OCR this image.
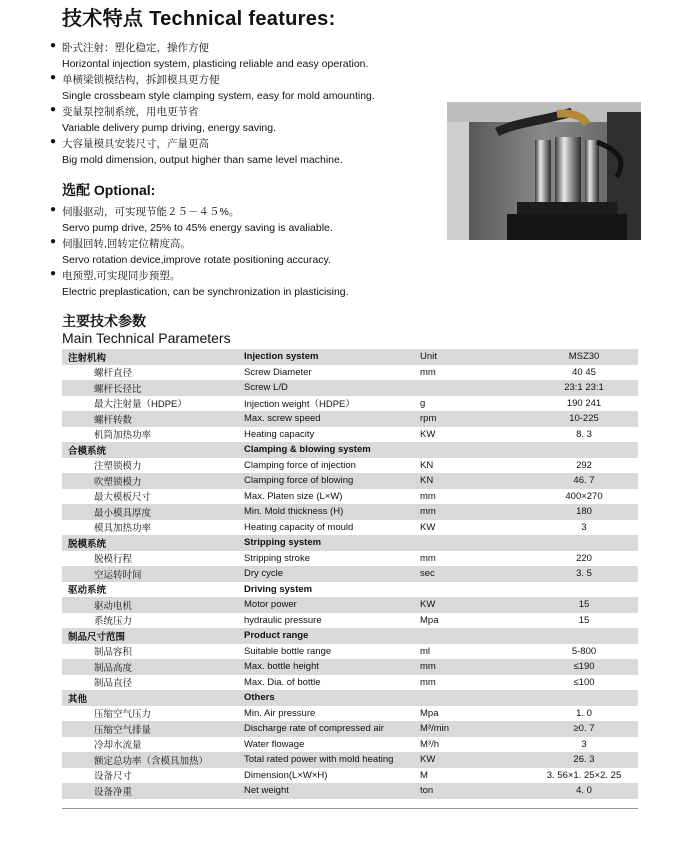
技术特点 Technical features:
● 卧式注射：塑化稳定，操作方便
Horizontal injection system, plasticing reliable and easy operation.
● 单横梁锁模结构，拆卸模具更方便
Single crossbeam style clamping system, easy for mold amounting.
● 变量泵控制系统，用电更节省
Variable delivery pump driving, energy saving.
● 大容量模具安装尺寸，产量更高
Big mold dimension, output higher than same level machine.
选配 Optional:
● 伺服驱动，可实现节能２５－４５%。
Servo pump drive, 25% to 45% energy saving is avaliable.
● 伺服回转,回转定位精度高。
Servo rotation device,improve rotate positioning accuracy.
● 电预塑,可实现同步预塑。
Electric preplastication, can be synchronization in plasticising.
主要技术参数
Main Technical Parameters
注射机构	Injection system	Unit	MSZ30
螺杆直径	Screw Diameter	mm	40 45
螺杆长径比	Screw L/D		23:1 23:1
最大注射量（HDPE）	Injection weight（HDPE）	g	190 241
螺杆转数	Max. screw speed	rpm	10-225
机筒加热功率	Heating capacity	KW	8. 3
合模系统	Clamping & blowing system		
注塑锁模力	Clamping force of injection	KN	292
吹塑锁模力	Clamping force of blowing	KN	46. 7
最大模板尺寸	Max. Platen size (L×W)	mm	400×270
最小模具厚度	Min. Mold thickness (H)	mm	180
模具加热功率	Heating capacity of mould	KW	3
脱模系统	Stripping system		
脱模行程	Stripping stroke	mm	220
空运转时间	Dry cycle	sec	3. 5
驱动系统	Driving system		
驱动电机	Motor power	KW	15
系统压力	hydraulic pressure	Mpa	15
制品尺寸范围	Product range		
制品容积	Suitable bottle range	ml	5-800
制品高度	Max. bottle height	mm	≤190
制品直径	Max. Dia. of bottle	mm	≤100
其他	Others		
压缩空气压力	Min. Air pressure	Mpa	1. 0
压缩空气排量	Discharge rate of compressed air	M³/min	≥0. 7
冷却水流量	Water flowage	M³/h	3
额定总功率（含模具加热）	Total rated power with mold heating	KW	26. 3
设备尺寸	Dimension(L×W×H)	M	3. 56×1. 25×2. 25
设备净重	Net weight	ton	4. 0
